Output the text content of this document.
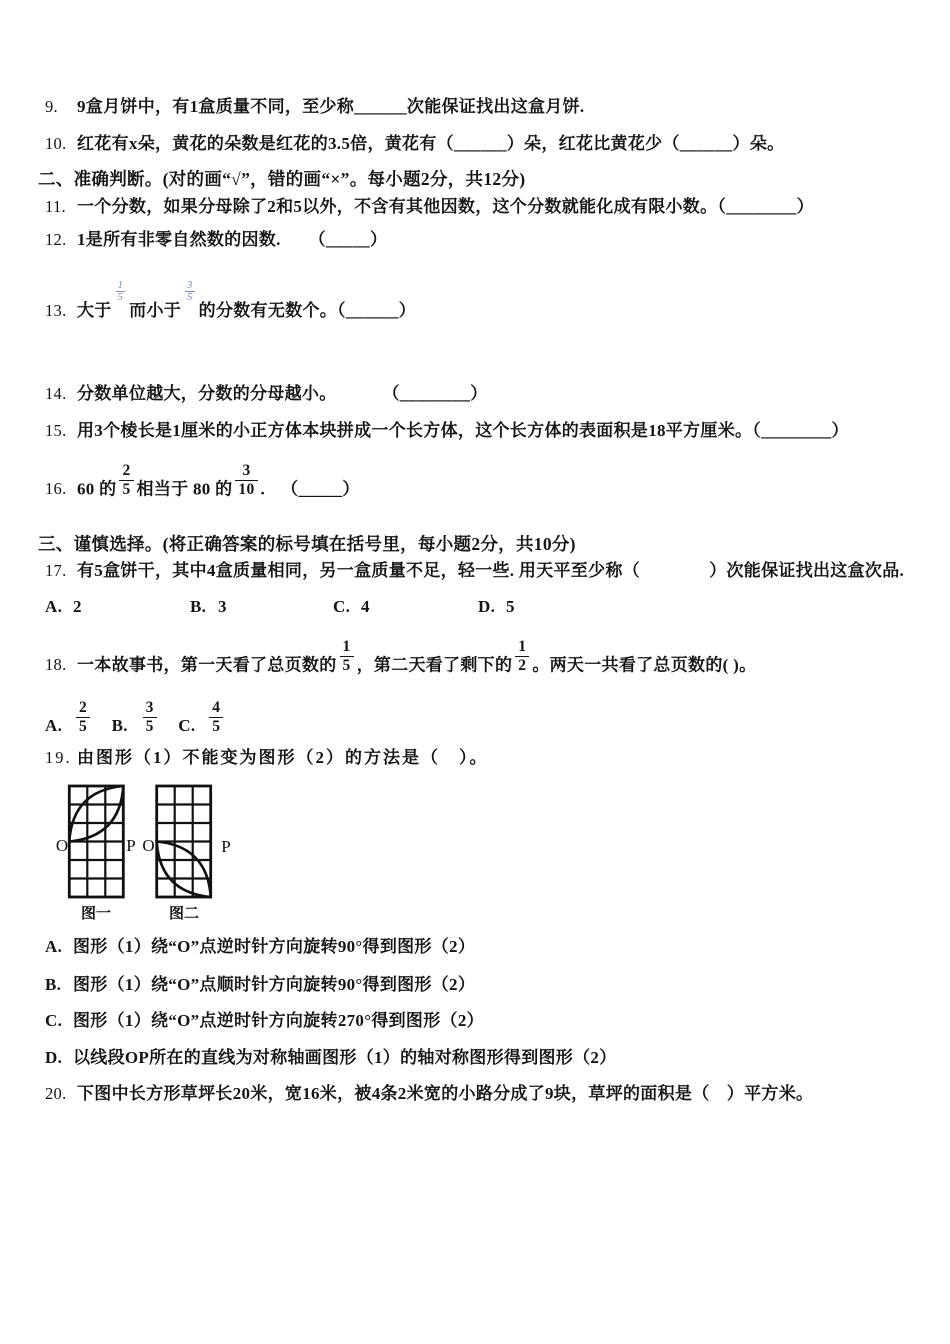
9. 9盒月饼中，有1盒质量不同，至少称______次能保证找出这盒月饼.
10. 红花有x朵，黄花的朵数是红花的3.5倍，黄花有（______）朵，红花比黄花少（______）朵。
二、准确判断。(对的画“√”，错的画“×”。每小题2分，共12分)
11. 一个分数，如果分母除了2和5以外，不含有其他因数，这个分数就能化成有限小数。（________）
12. 1是所有非零自然数的因数. （_____）
13. 大于
$\frac{1}{5}$
而小于
$\frac{3}{5}$
的分数有无数个。（______）
14. 分数单位越大，分数的分母越小。	（________）
15. 用3个棱长是1厘米的小正方体本块拼成一个长方体，这个长方体的表面积是18平方厘米。（________）
16. 60 的 $\frac{2}{5}$ 相当于 80 的 $\frac{3}{10}$ . （_____）
三、谨慎选择。(将正确答案的标号填在括号里，每小题2分，共10分)
17. 有5盒饼干，其中4盒质量相同，另一盒质量不足，轻一些. 用天平至少称（　　　　）次能保证找出这盒次品.
A. 2	B. 3	C. 4	D. 5
18. 一本故事书，第一天看了总页数的 $\frac{1}{5}$ ，第二天看了剩下的 $\frac{1}{2}$ 。两天一共看了总页数的( )。
A. $\frac{2}{5} B$. $\frac{3}{5} C$. $\frac{4}{5}$
19. 由图形（1）不能变为图形（2）的方法是（　）。
O	P O	P
图一	图二
A. 图形（1）绕“O”点逆时针方向旋转90°得到图形（2）
B. 图形（1）绕“O”点顺时针方向旋转90°得到图形（2）
C. 图形（1）绕“O”点逆时针方向旋转270°得到图形（2）
D. 以线段OP所在的直线为对称轴画图形（1）的轴对称图形得到图形（2）
20. 下图中长方形草坪长20米，宽16米，被4条2米宽的小路分成了9块，草坪的面积是（　）平方米。
